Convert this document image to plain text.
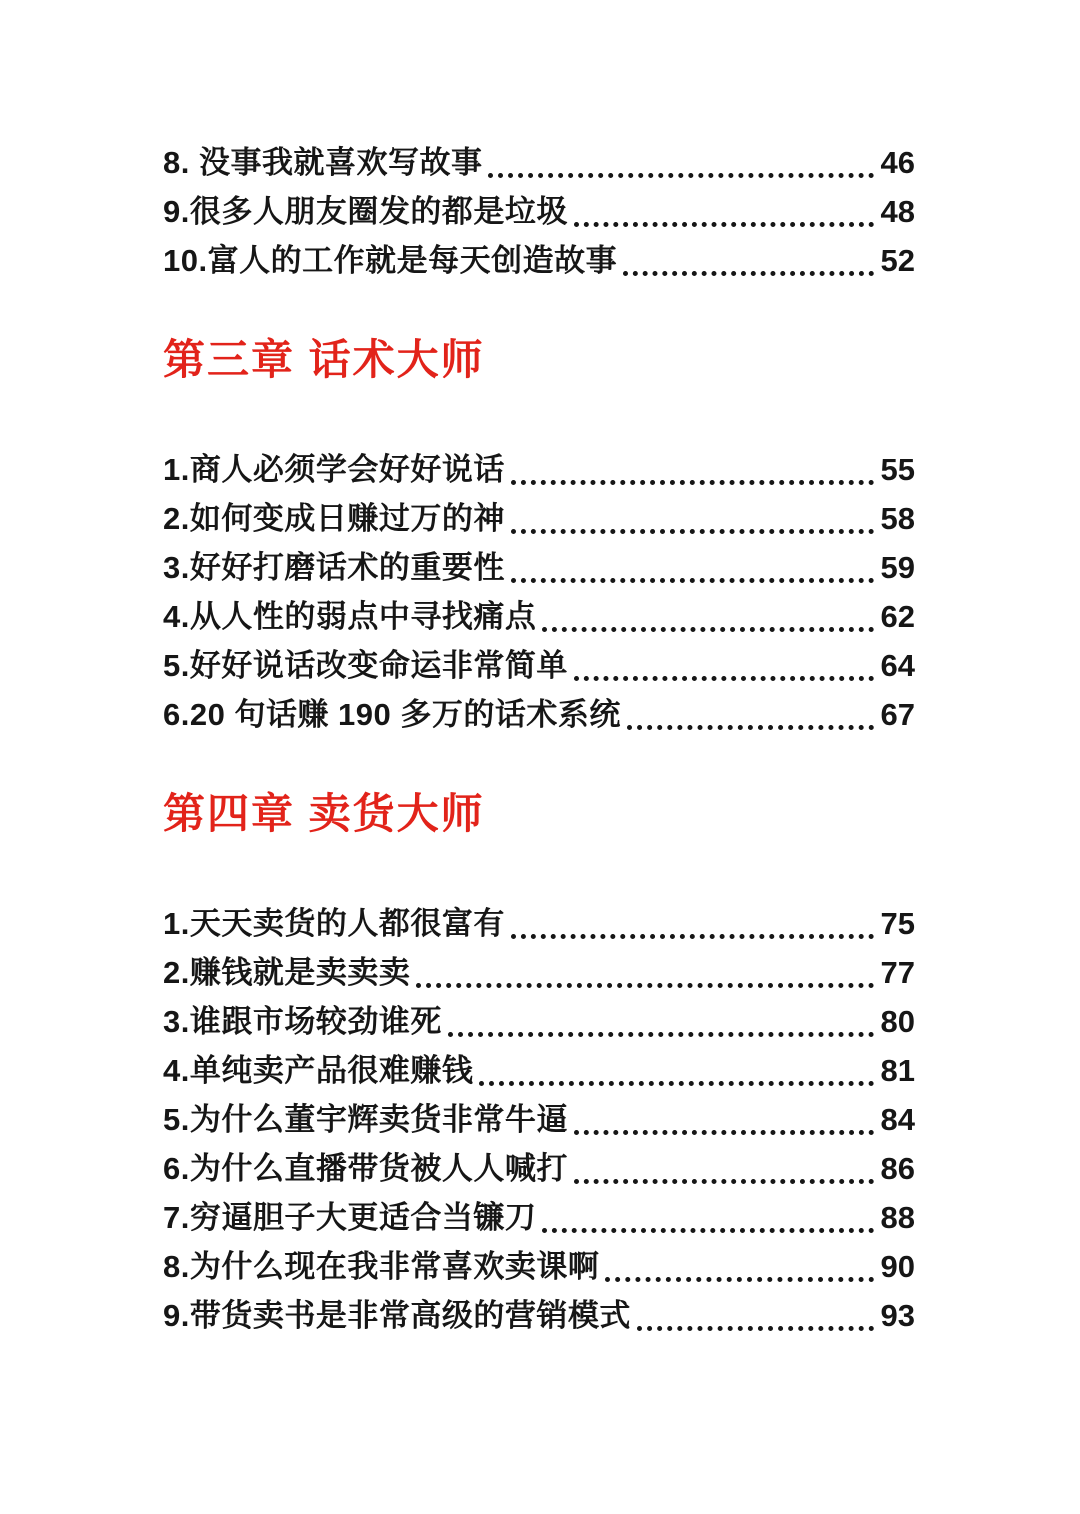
8. 没事我就喜欢写故事	46
9.很多人朋友圈发的都是垃圾	48
10.富人的工作就是每天创造故事	52
第三章 话术大师
1.商人必须学会好好说话	55
2.如何变成日赚过万的神	58
3.好好打磨话术的重要性	59
4.从人性的弱点中寻找痛点	62
5.好好说话改变命运非常简单	64
6.20 句话赚 190 多万的话术系统	67
第四章 卖货大师
1.天天卖货的人都很富有	75
2.赚钱就是卖卖卖	77
3.谁跟市场较劲谁死	80
4.单纯卖产品很难赚钱	81
5.为什么董宇辉卖货非常牛逼	84
6.为什么直播带货被人人喊打	86
7.穷逼胆子大更适合当镰刀	88
8.为什么现在我非常喜欢卖课啊	90
9.带货卖书是非常高级的营销模式	93
